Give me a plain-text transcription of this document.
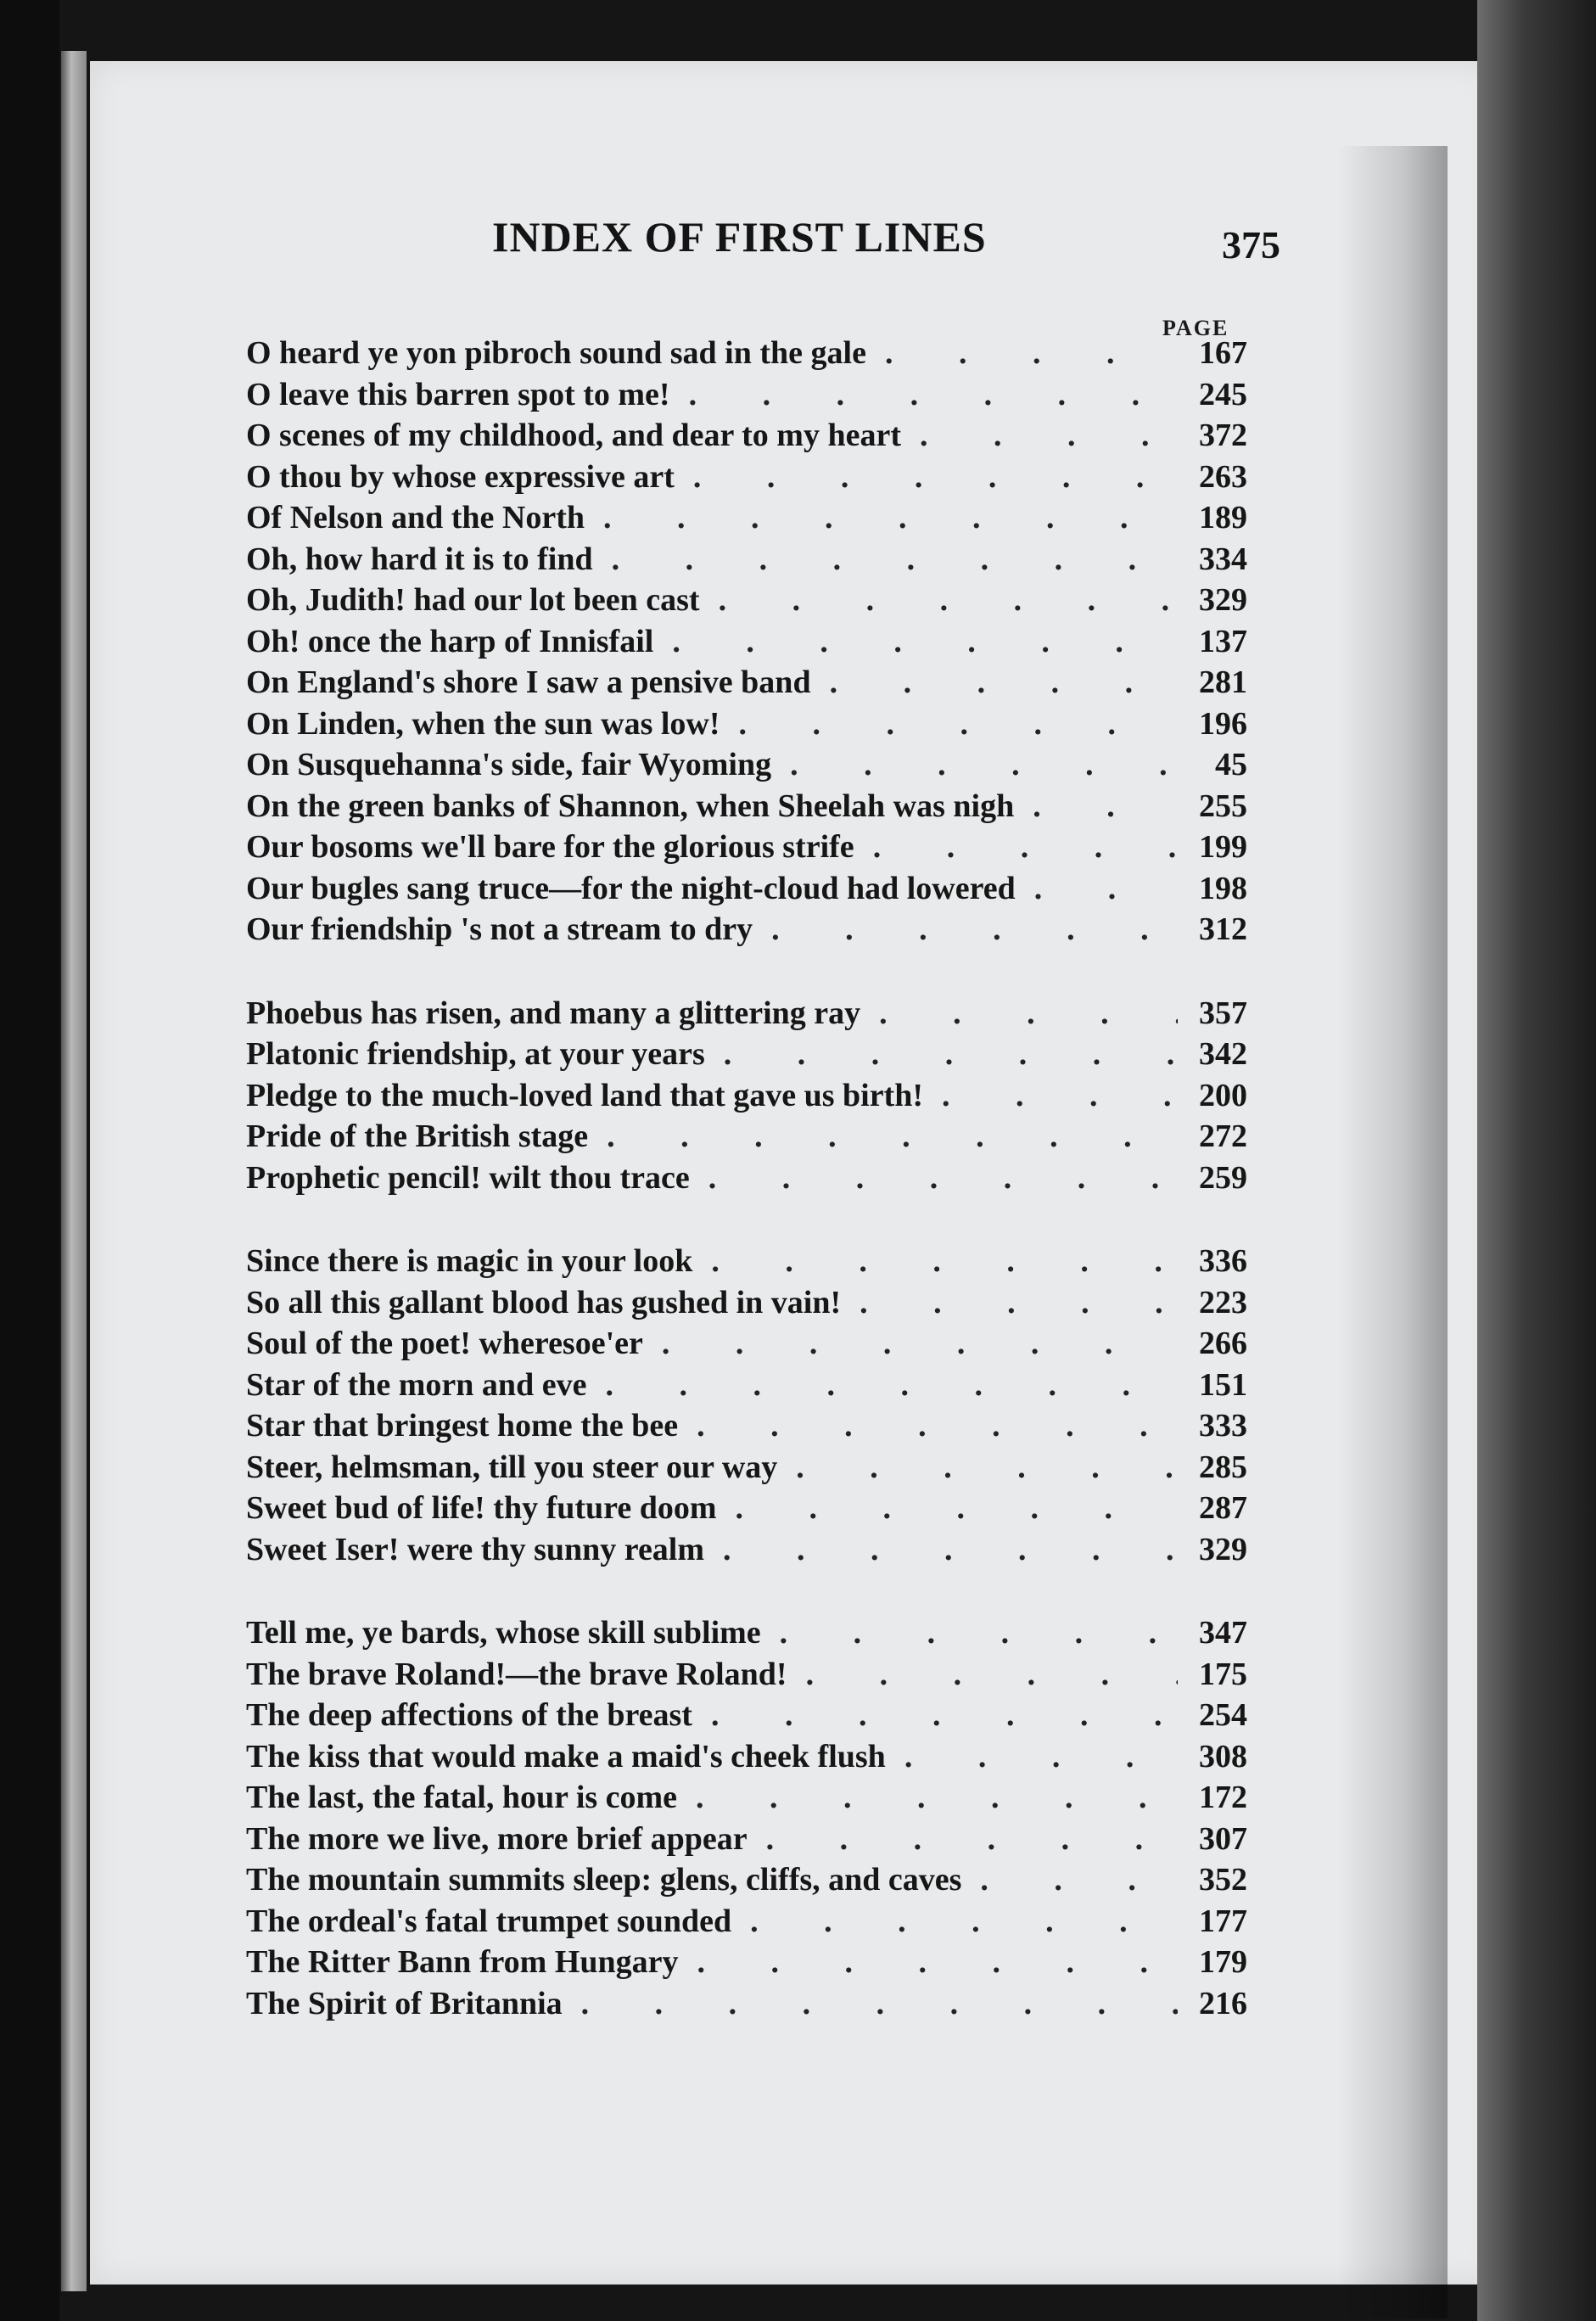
INDEX OF FIRST LINES	375
PAGE
O heard ye yon pibroch sound sad in the gale . . .	167
O leave this barren spot to me! . . .	245
O scenes of my childhood, and dear to my heart . . .	372
O thou by whose expressive art . . .	263
Of Nelson and the North . . .	189
Oh, how hard it is to find . . .	334
Oh, Judith! had our lot been cast . . .	329
Oh! once the harp of Innisfail . . .	137
On England's shore I saw a pensive band . . .	281
On Linden, when the sun was low! . . .	196
On Susquehanna's side, fair Wyoming . . .	45
On the green banks of Shannon, when Sheelah was nigh . . .	255
Our bosoms we'll bare for the glorious strife . . .	199
Our bugles sang truce—for the night-cloud had lowered . . .	198
Our friendship 's not a stream to dry . . .	312
Phoebus has risen, and many a glittering ray . . .	357
Platonic friendship, at your years . . .	342
Pledge to the much-loved land that gave us birth! . . .	200
Pride of the British stage . . .	272
Prophetic pencil! wilt thou trace . . .	259
Since there is magic in your look . . .	336
So all this gallant blood has gushed in vain! . . .	223
Soul of the poet! wheresoe'er . . .	266
Star of the morn and eve . . .	151
Star that bringest home the bee . . .	333
Steer, helmsman, till you steer our way . . .	285
Sweet bud of life! thy future doom . . .	287
Sweet Iser! were thy sunny realm . . .	329
Tell me, ye bards, whose skill sublime . . .	347
The brave Roland!—the brave Roland! . . .	175
The deep affections of the breast . . .	254
The kiss that would make a maid's cheek flush . . .	308
The last, the fatal, hour is come . . .	172
The more we live, more brief appear . . .	307
The mountain summits sleep: glens, cliffs, and caves . . .	352
The ordeal's fatal trumpet sounded . . .	177
The Ritter Bann from Hungary . . .	179
The Spirit of Britannia . . .	216
